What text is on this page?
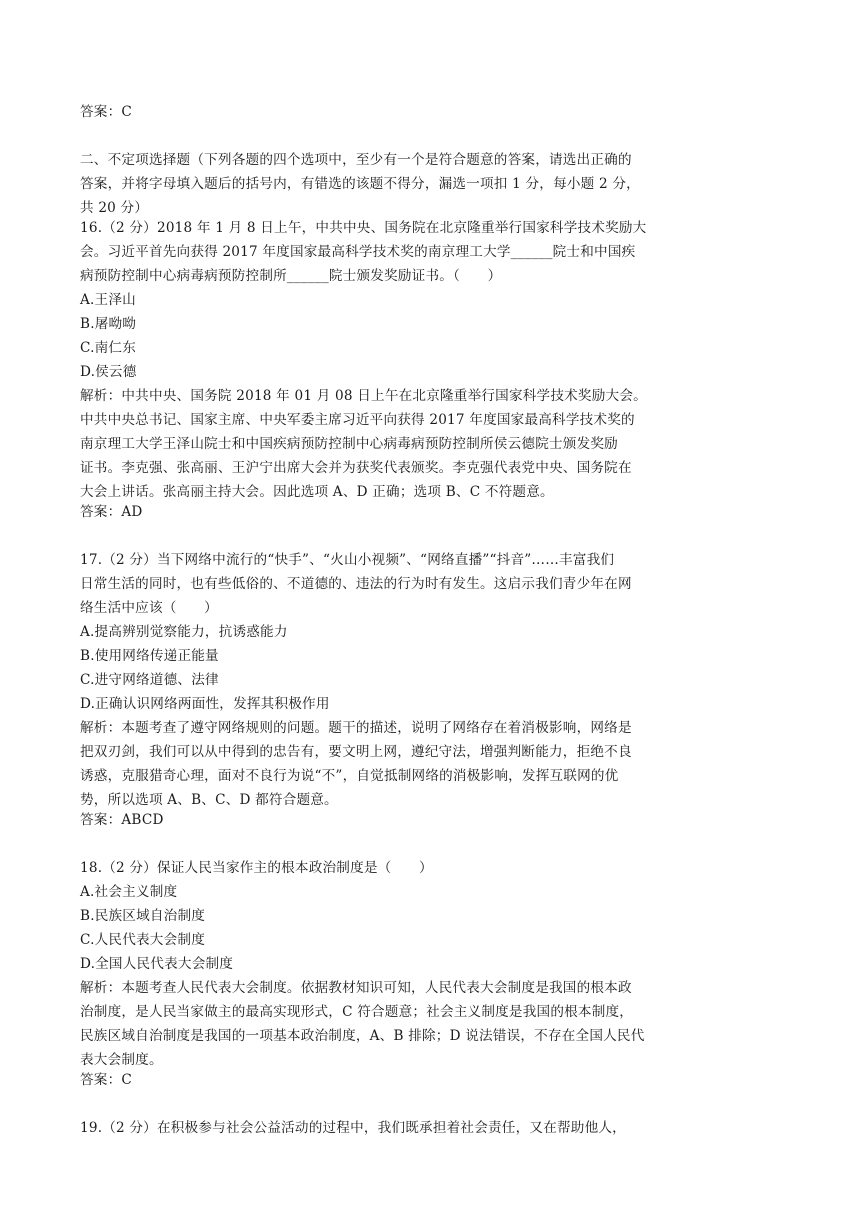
答案：C
二、不定项选择题（下列各题的四个选项中，至少有一个是符合题意的答案，请选出正确的
答案，并将字母填入题后的括号内，有错选的该题不得分，漏选一项扣 1 分，每小题 2 分，
共 20 分）
16.（2 分）2018 年 1 月 8 日上午，中共中央、国务院在北京隆重举行国家科学技术奖励大
会。习近平首先向获得 2017 年度国家最高科学技术奖的南京理工大学______院士和中国疾
病预防控制中心病毒病预防控制所______院士颁发奖励证书。（　　）
A.王泽山
B.屠呦呦
C.南仁东
D.侯云德
解析：中共中央、国务院 2018 年 01 月 08 日上午在北京隆重举行国家科学技术奖励大会。
中共中央总书记、国家主席、中央军委主席习近平向获得 2017 年度国家最高科学技术奖的
南京理工大学王泽山院士和中国疾病预防控制中心病毒病预防控制所侯云德院士颁发奖励
证书。李克强、张高丽、王沪宁出席大会并为获奖代表颁奖。李克强代表党中央、国务院在
大会上讲话。张高丽主持大会。因此选项 A、D 正确；选项 B、C 不符题意。
答案：AD
17.（2 分）当下网络中流行的“快手”、“火山小视频”、“网络直播”“抖音”……丰富我们
日常生活的同时，也有些低俗的、不道德的、违法的行为时有发生。这启示我们青少年在网
络生活中应该（　　）
A.提高辨别觉察能力，抗诱惑能力
B.使用网络传递正能量
C.进守网络道德、法律
D.正确认识网络两面性，发挥其积极作用
解析：本题考查了遵守网络规则的问题。题干的描述，说明了网络存在着消极影响，网络是
把双刃剑，我们可以从中得到的忠告有，要文明上网，遵纪守法，增强判断能力，拒绝不良
诱惑，克服猎奇心理，面对不良行为说“不”，自觉抵制网络的消极影响，发挥互联网的优
势，所以选项 A、B、C、D 都符合题意。
答案：ABCD
18.（2 分）保证人民当家作主的根本政治制度是（　　）
A.社会主义制度
B.民族区域自治制度
C.人民代表大会制度
D.全国人民代表大会制度
解析：本题考查人民代表大会制度。依据教材知识可知，人民代表大会制度是我国的根本政
治制度，是人民当家做主的最高实现形式，C 符合题意；社会主义制度是我国的根本制度，
民族区域自治制度是我国的一项基本政治制度，A、B 排除；D 说法错误，不存在全国人民代
表大会制度。
答案：C
19.（2 分）在积极参与社会公益活动的过程中，我们既承担着社会责任，又在帮助他人，
